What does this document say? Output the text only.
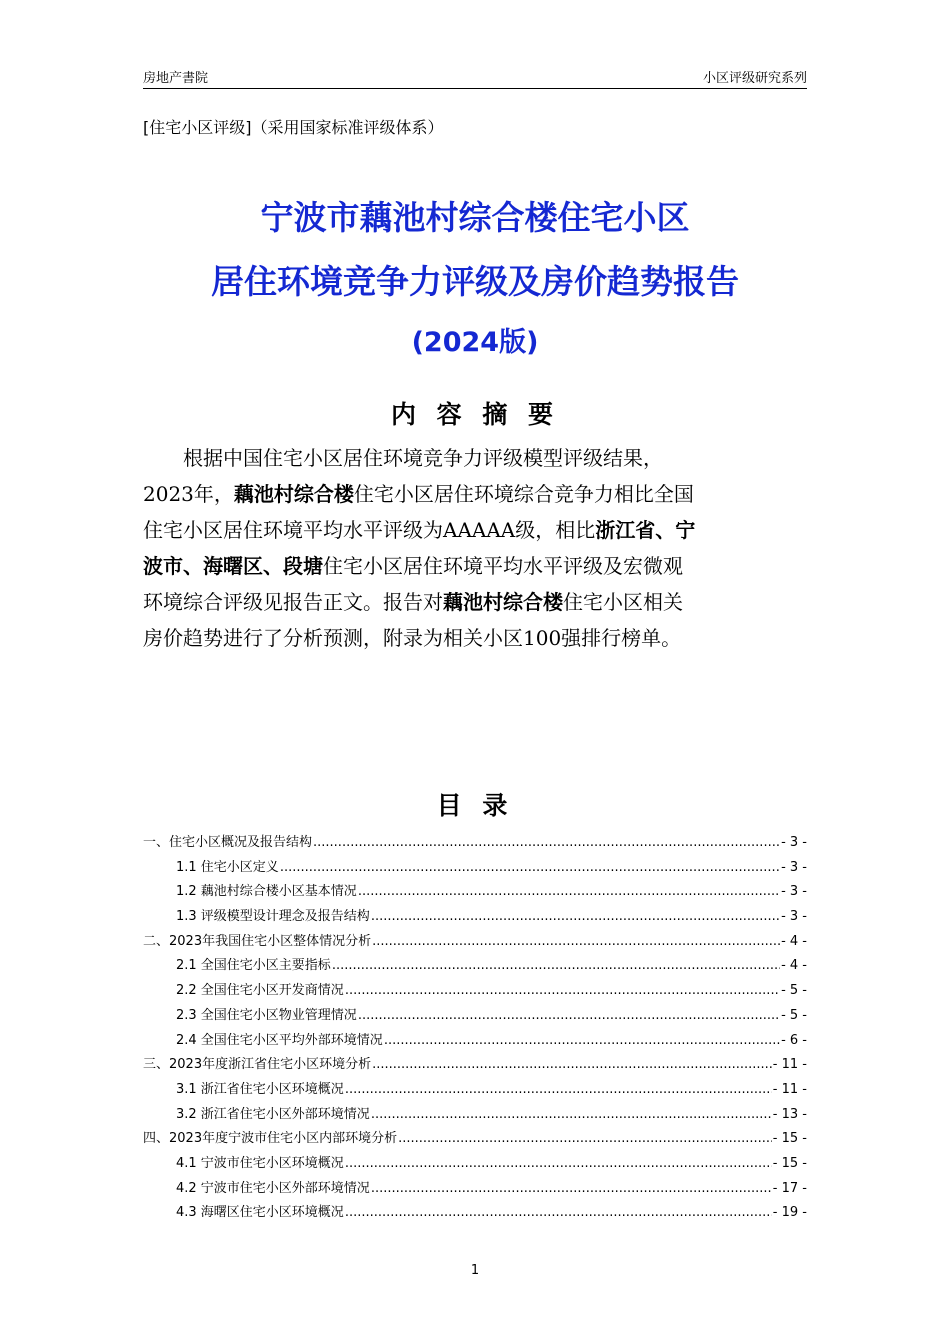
房地产書院	小区评级研究系列
[住宅小区评级]（采用国家标准评级体系）
宁波市藕池村综合楼住宅小区
居住环境竞争力评级及房价趋势报告
(2024版)
内 容 摘 要
　　根据中国住宅小区居住环境竞争力评级模型评级结果，
2023年，藕池村综合楼住宅小区居住环境综合竞争力相比全国
住宅小区居住环境平均水平评级为AAAAA级，相比浙江省、宁
波市、海曙区、段塘住宅小区居住环境平均水平评级及宏微观
环境综合评级见报告正文。报告对藕池村综合楼住宅小区相关
房价趋势进行了分析预测，附录为相关小区100强排行榜单。
目 录
一、住宅小区概况及报告结构 .....	- 3 -
1.1 住宅小区定义 .....	- 3 -
1.2 藕池村综合楼小区基本情况 .....	- 3 -
1.3 评级模型设计理念及报告结构 .....	- 3 -
二、2023年我国住宅小区整体情况分析 .....	- 4 -
2.1 全国住宅小区主要指标 .....	- 4 -
2.2 全国住宅小区开发商情况 .....	- 5 -
2.3 全国住宅小区物业管理情况 .....	- 5 -
2.4 全国住宅小区平均外部环境情况 .....	- 6 -
三、2023年度浙江省住宅小区环境分析 .....	- 11 -
3.1 浙江省住宅小区环境概况 .....	- 11 -
3.2 浙江省住宅小区外部环境情况 .....	- 13 -
四、2023年度宁波市住宅小区内部环境分析 .....	- 15 -
4.1 宁波市住宅小区环境概况 .....	- 15 -
4.2 宁波市住宅小区外部环境情况 .....	- 17 -
4.3 海曙区住宅小区环境概况 .....	- 19 -
1
